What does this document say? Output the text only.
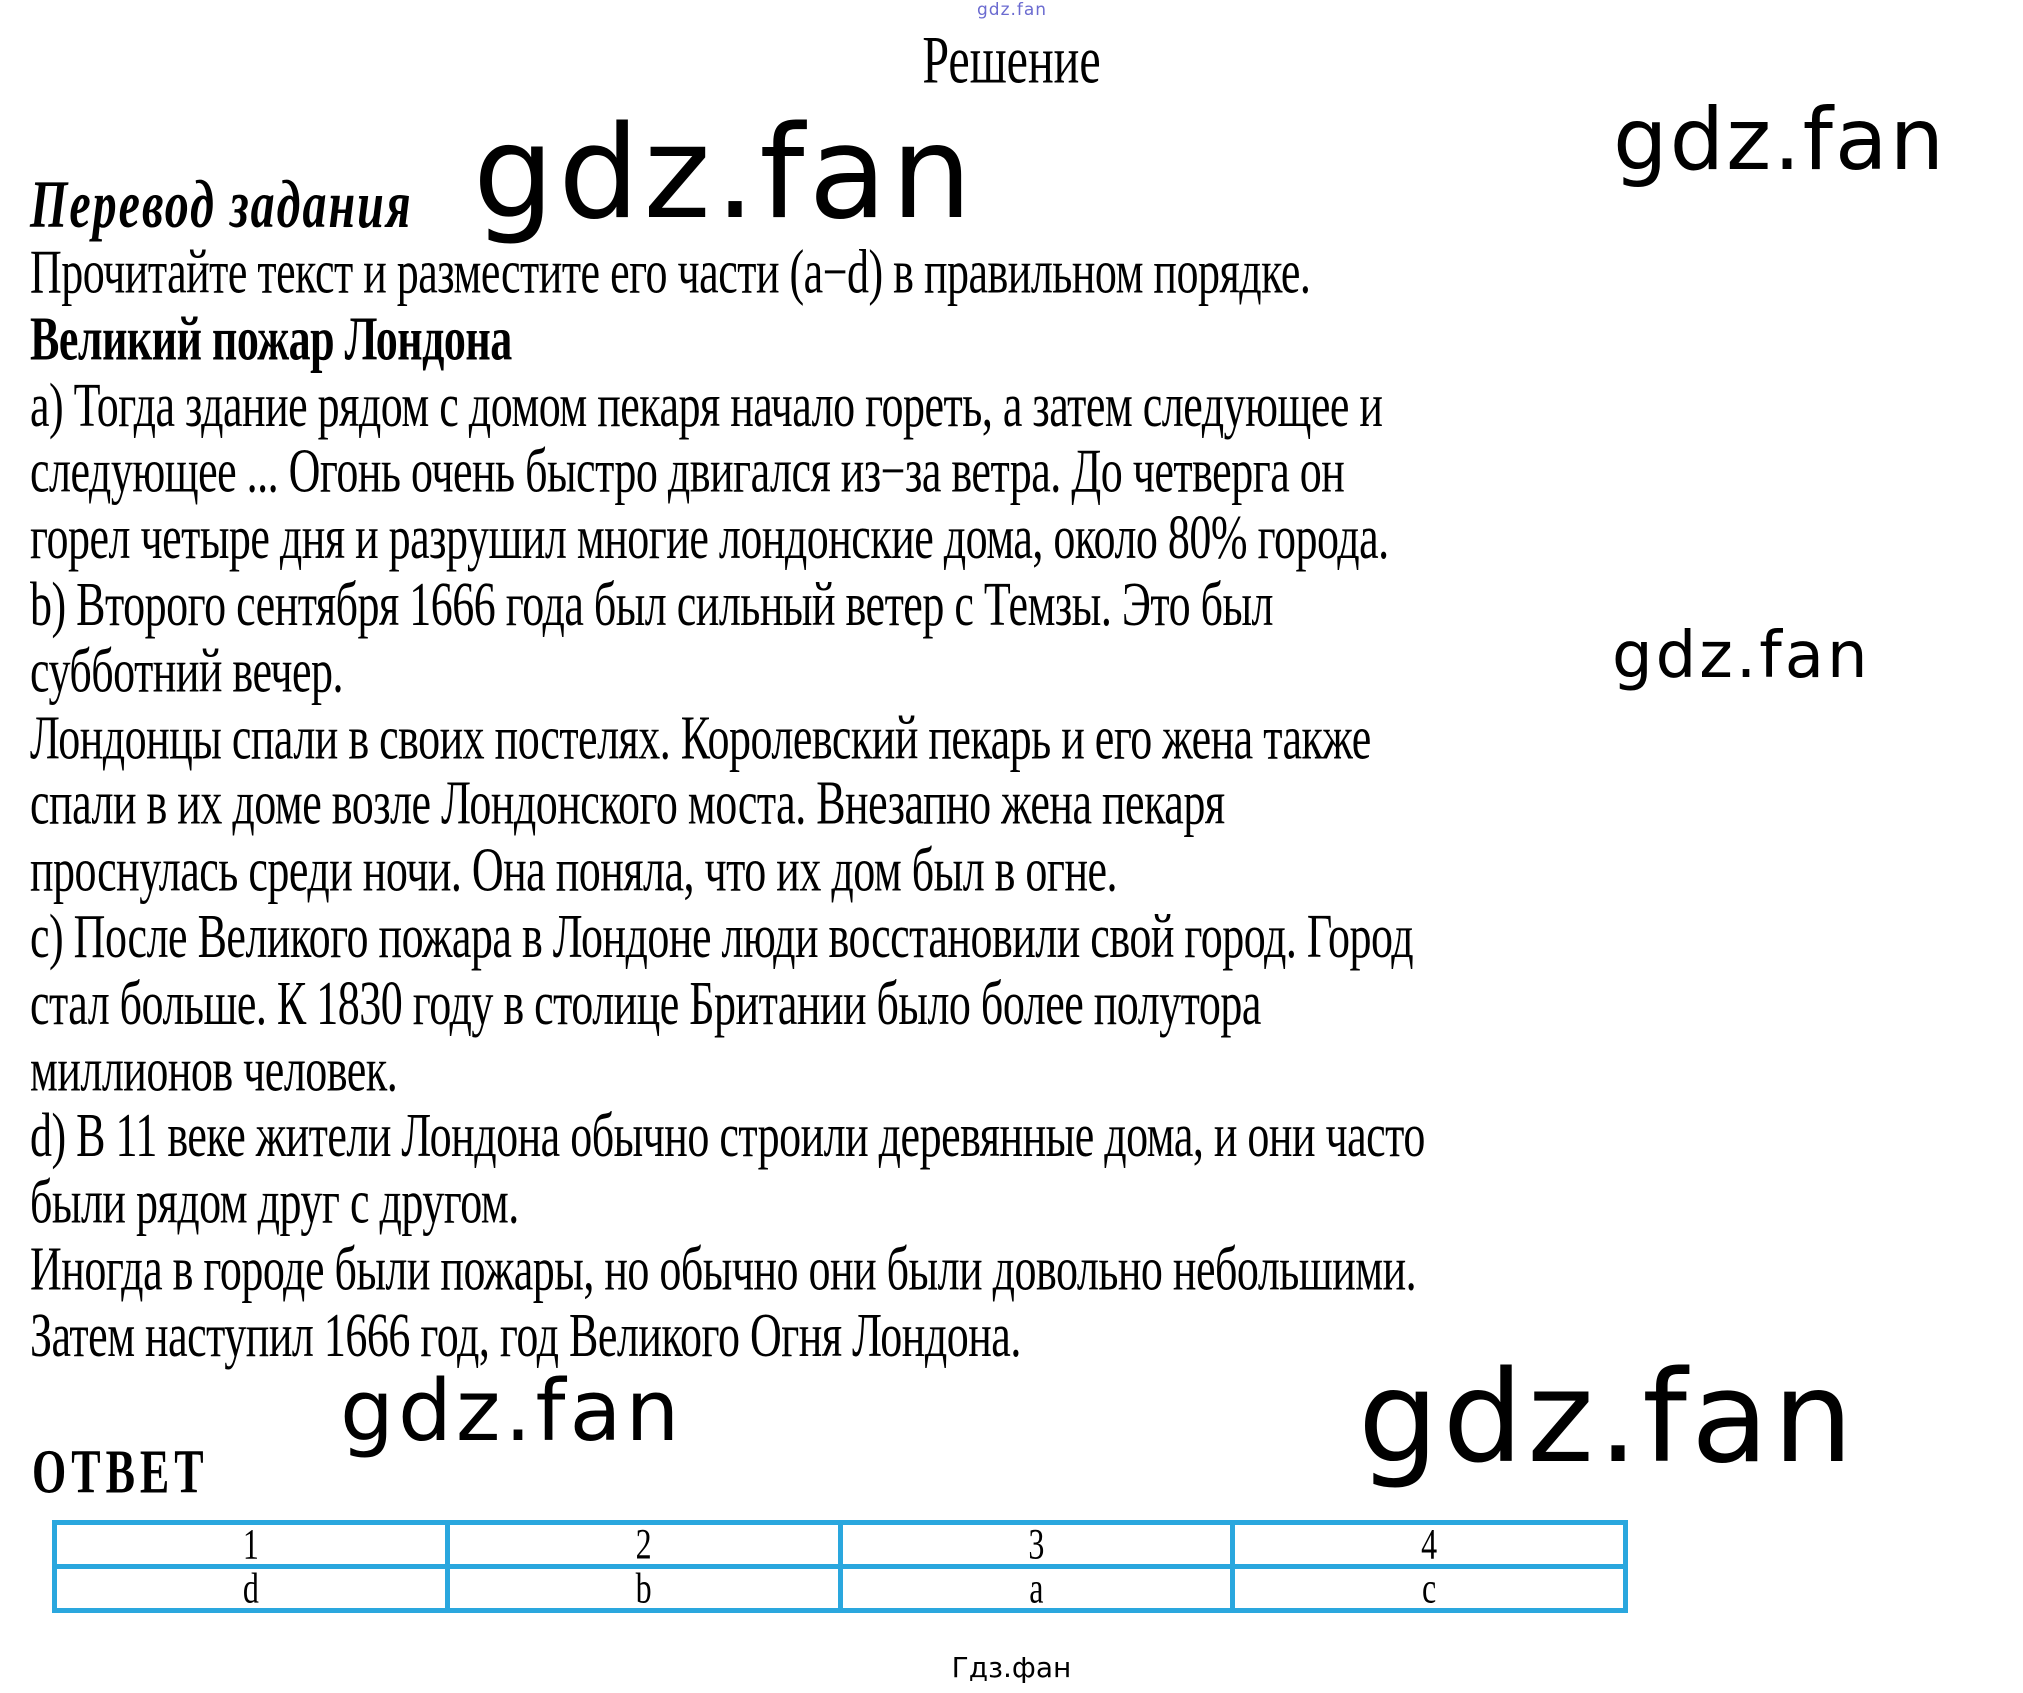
Решение
Перевод задания
Прочитайте текст и разместите его части (a−d) в правильном порядке.
Великий пожар Лондона
a) Тогда здание рядом с домом пекаря начало гореть, а затем следующее и
следующее ... Огонь очень быстро двигался из−за ветра. До четверга он
горел четыре дня и разрушил многие лондонские дома, около 80% города.
b) Второго сентября 1666 года был сильный ветер с Темзы. Это был
субботний вечер.
Лондонцы спали в своих постелях. Королевский пекарь и его жена также
спали в их доме возле Лондонского моста. Внезапно жена пекаря
проснулась среди ночи. Она поняла, что их дом был в огне.
c) После Великого пожара в Лондоне люди восстановили свой город. Город
стал больше. К 1830 году в столице Британии было более полутора
миллионов человек.
d) В 11 веке жители Лондона обычно строили деревянные дома, и они часто
были рядом друг с другом.
Иногда в городе были пожары, но обычно они были довольно небольшими.
Затем наступил 1666 год, год Великого Огня Лондона.
ОТВЕТ
gdz.fan
gdz.fan	gdz.fan
gdz.fan
gdz.fan	gdz.fan
1	2	3	4
d	b	a	c
Гдз.фан
